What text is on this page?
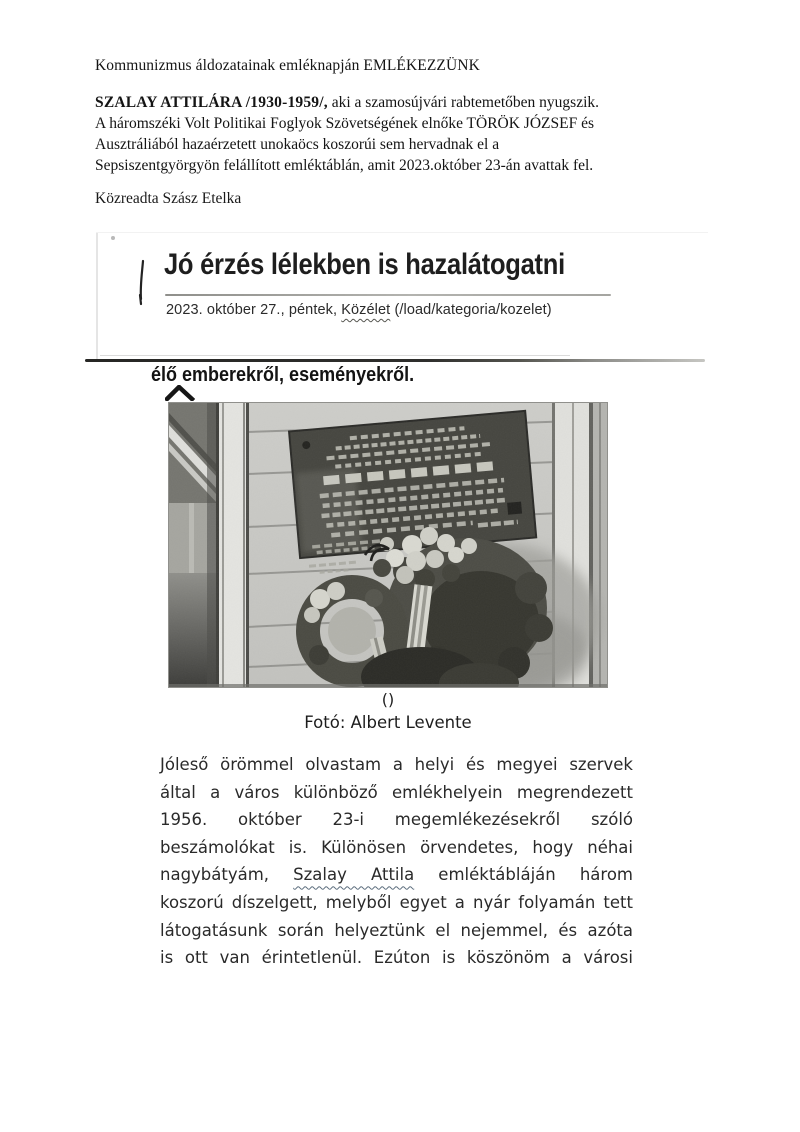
Kommunizmus áldozatainak emléknapján EMLÉKEZZÜNK
SZALAY ATTILÁRA /1930-1959/, aki a szamosújvári rabtemetőben nyugszik.
A háromszéki Volt Politikai Foglyok Szövetségének elnőke TÖRÖK JÓZSEF és
Ausztráliából hazaérzetett unokaöcs koszorúi sem hervadnak el a
Sepsiszentgyörgyön felállított emléktáblán, amit 2023.október 23-án avattak fel.
Közreadta Szász Etelka
Jó érzés lélekben is hazalátogatni
2023. október 27., péntek, Közélet (/load/kategoria/kozelet)
élő emberekről, eseményekről.
()
Fotó: Albert Levente
Jóleső örömmel olvastam a helyi és megyei szervek
által a város különböző emlékhelyein megrendezett
1956. október 23-i megemlékezésekről szóló
beszámolókat is. Különösen örvendetes, hogy néhai
nagybátyám, Szalay Attila emléktábláján három
koszorú díszelgett, melyből egyet a nyár folyamán tett
látogatásunk során helyeztünk el nejemmel, és azóta
is ott van érintetlenül. Ezúton is köszönöm a városi
